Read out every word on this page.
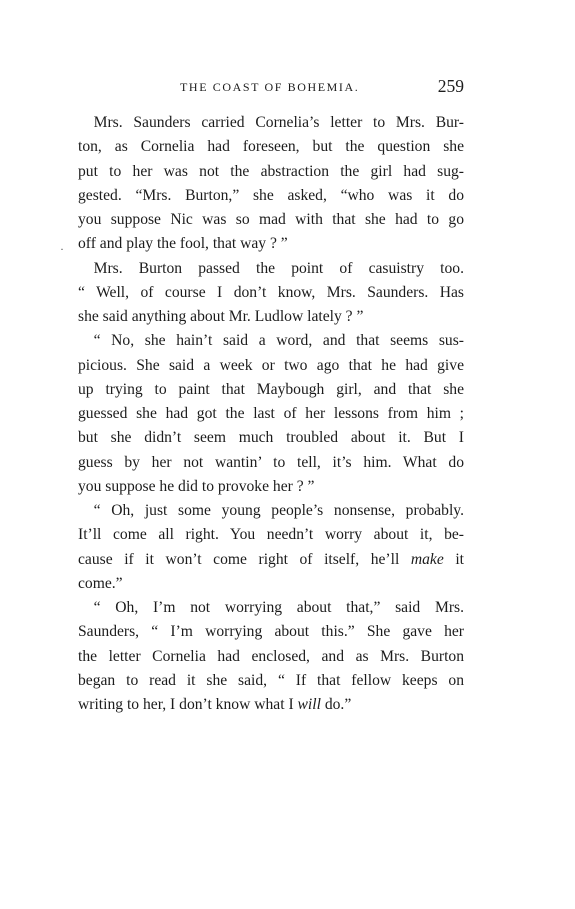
THE COAST OF BOHEMIA.	259
 Mrs. Saunders carried Cornelia’s letter to Mrs. Bur-
ton, as Cornelia had foreseen, but the question she
put to her was not the abstraction the girl had sug-
gested. “Mrs. Burton,” she asked, “who was it do
you suppose Nic was so mad with that she had to go
off and play the fool, that way ? ”
 Mrs. Burton passed the point of casuistry too.
“ Well, of course I don’t know, Mrs. Saunders. Has
she said anything about Mr. Ludlow lately ? ”
 “ No, she hain’t said a word, and that seems sus-
picious. She said a week or two ago that he had give
up trying to paint that Maybough girl, and that she
guessed she had got the last of her lessons from him ;
but she didn’t seem much troubled about it. But I
guess by her not wantin’ to tell, it’s him. What do
you suppose he did to provoke her ? ”
 “ Oh, just some young people’s nonsense, probably.
It’ll come all right. You needn’t worry about it, be-
cause if it won’t come right of itself, he’ll make it
come.”
 “ Oh, I’m not worrying about that,” said Mrs.
Saunders, “ I’m worrying about this.” She gave her
the letter Cornelia had enclosed, and as Mrs. Burton
began to read it she said, “ If that fellow keeps on
writing to her, I don’t know what I will do.”
·
